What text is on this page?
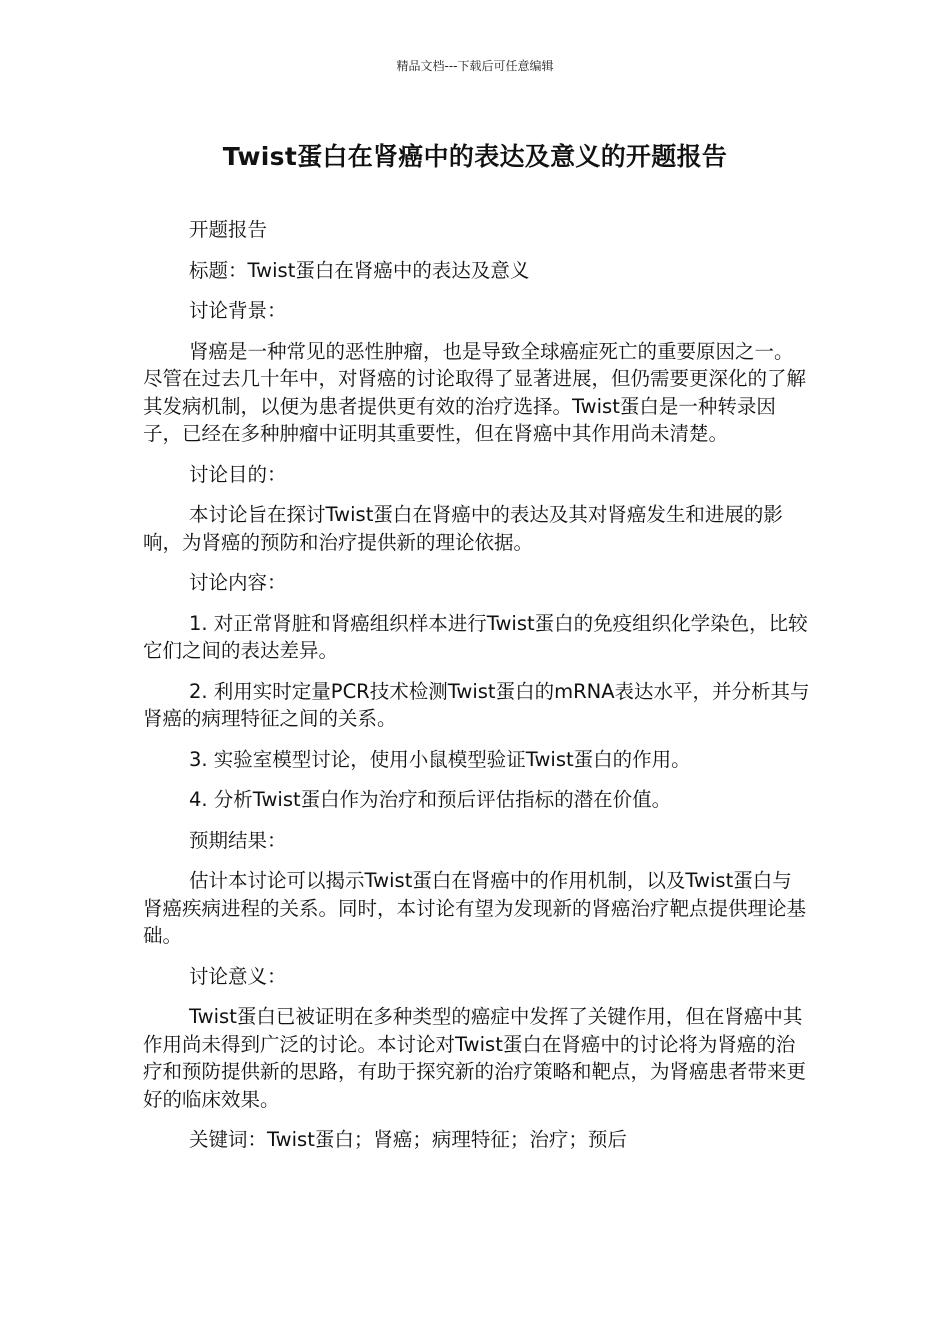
精品文档---下载后可任意编辑
Twist蛋白在肾癌中的表达及意义的开题报告

开题报告

标题：Twist蛋白在肾癌中的表达及意义

讨论背景：

肾癌是一种常见的恶性肿瘤，也是导致全球癌症死亡的重要原因之一。尽管在过去几十年中，对肾癌的讨论取得了显著进展，但仍需要更深化的了解其发病机制，以便为患者提供更有效的治疗选择。Twist蛋白是一种转录因子，已经在多种肿瘤中证明其重要性，但在肾癌中其作用尚未清楚。

讨论目的：

本讨论旨在探讨Twist蛋白在肾癌中的表达及其对肾癌发生和进展的影响，为肾癌的预防和治疗提供新的理论依据。

讨论内容：

1. 对正常肾脏和肾癌组织样本进行Twist蛋白的免疫组织化学染色，比较它们之间的表达差异。

2. 利用实时定量PCR技术检测Twist蛋白的mRNA表达水平，并分析其与肾癌的病理特征之间的关系。

3. 实验室模型讨论，使用小鼠模型验证Twist蛋白的作用。

4. 分析Twist蛋白作为治疗和预后评估指标的潜在价值。

预期结果：

估计本讨论可以揭示Twist蛋白在肾癌中的作用机制，以及Twist蛋白与肾癌疾病进程的关系。同时，本讨论有望为发现新的肾癌治疗靶点提供理论基础。

讨论意义：

Twist蛋白已被证明在多种类型的癌症中发挥了关键作用，但在肾癌中其作用尚未得到广泛的讨论。本讨论对Twist蛋白在肾癌中的讨论将为肾癌的治疗和预防提供新的思路，有助于探究新的治疗策略和靶点，为肾癌患者带来更好的临床效果。

关键词：Twist蛋白；肾癌；病理特征；治疗；预后
